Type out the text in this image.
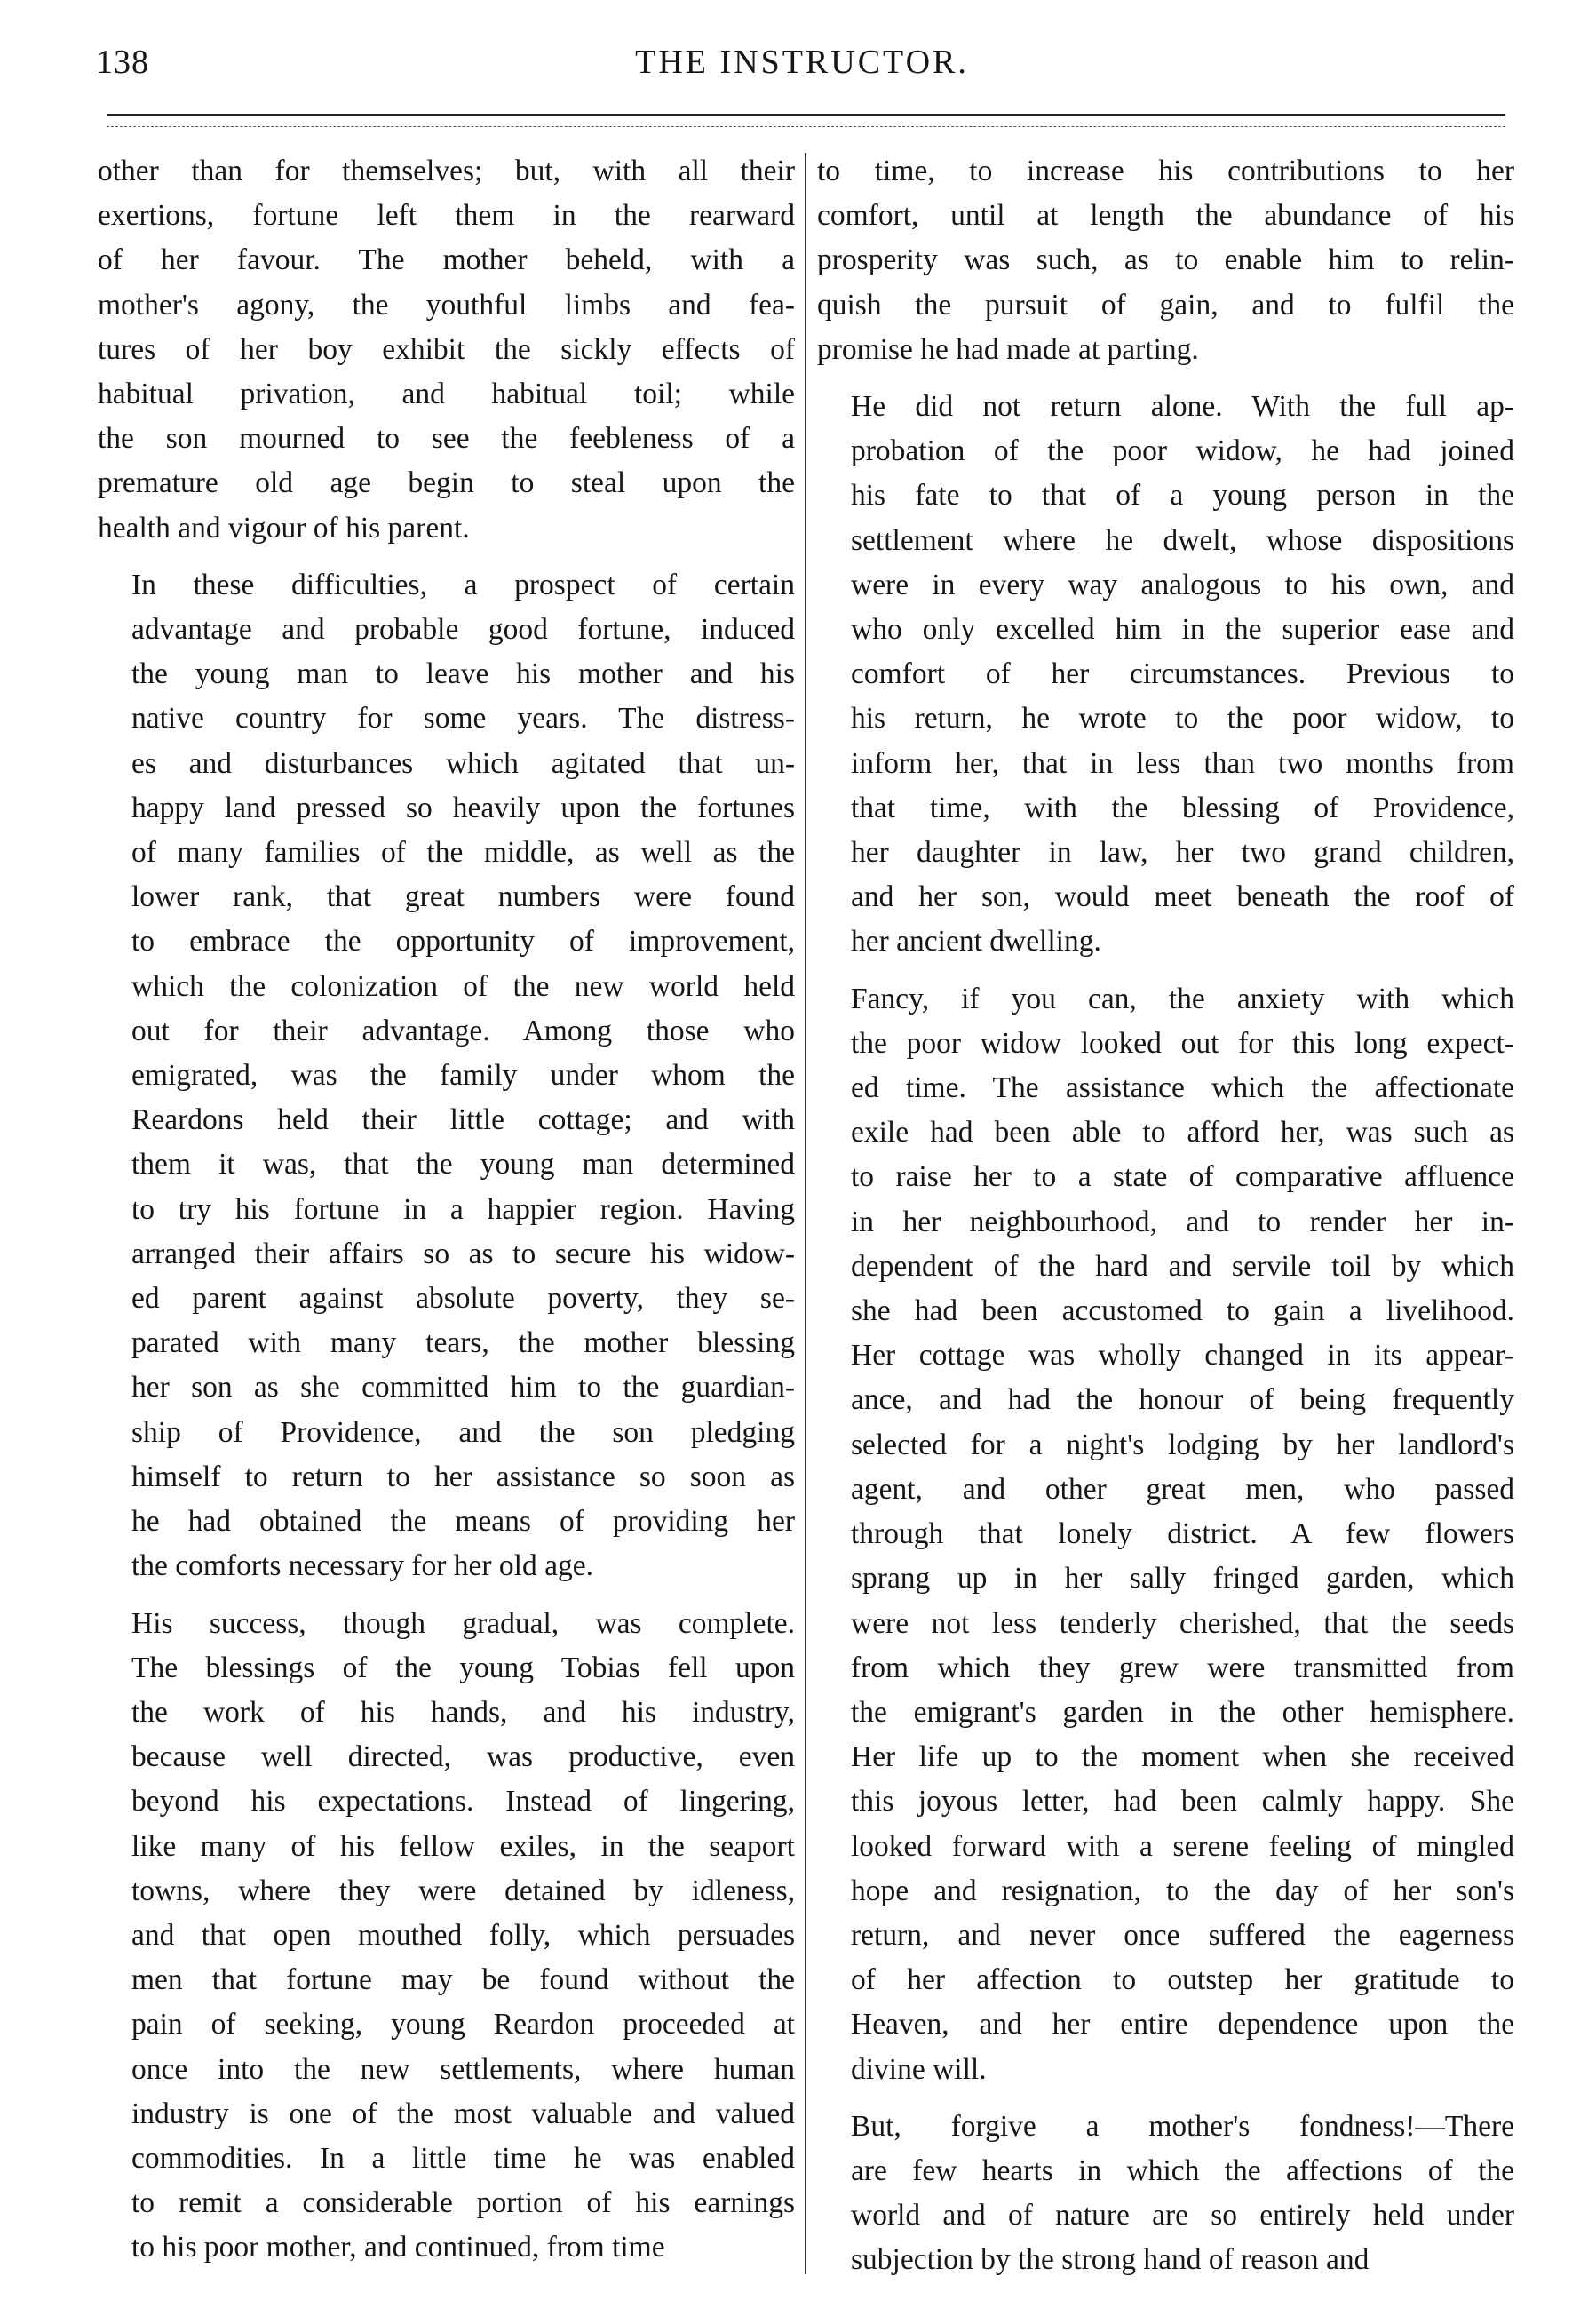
138	THE INSTRUCTOR.

other than for themselves; but, with all their
exertions, fortune left them in the rearward
of her favour. The mother beheld, with a
mother's agony, the youthful limbs and fea-
tures of her boy exhibit the sickly effects of
habitual privation, and habitual toil; while
the son mourned to see the feebleness of a
premature old age begin to steal upon the
health and vigour of his parent.

In these difficulties, a prospect of certain
advantage and probable good fortune, induced
the young man to leave his mother and his
native country for some years. The distress-
es and disturbances which agitated that un-
happy land pressed so heavily upon the fortunes
of many families of the middle, as well as the
lower rank, that great numbers were found
to embrace the opportunity of improvement,
which the colonization of the new world held
out for their advantage. Among those who
emigrated, was the family under whom the
Reardons held their little cottage; and with
them it was, that the young man determined
to try his fortune in a happier region. Having
arranged their affairs so as to secure his widow-
ed parent against absolute poverty, they se-
parated with many tears, the mother blessing
her son as she committed him to the guardian-
ship of Providence, and the son pledging
himself to return to her assistance so soon as
he had obtained the means of providing her
the comforts necessary for her old age.

His success, though gradual, was complete.
The blessings of the young Tobias fell upon
the work of his hands, and his industry,
because well directed, was productive, even
beyond his expectations. Instead of lingering,
like many of his fellow exiles, in the seaport
towns, where they were detained by idleness,
and that open mouthed folly, which persuades
men that fortune may be found without the
pain of seeking, young Reardon proceeded at
once into the new settlements, where human
industry is one of the most valuable and valued
commodities. In a little time he was enabled
to remit a considerable portion of his earnings
to his poor mother, and continued, from time

to time, to increase his contributions to her
comfort, until at length the abundance of his
prosperity was such, as to enable him to relin-
quish the pursuit of gain, and to fulfil the
promise he had made at parting.

He did not return alone. With the full ap-
probation of the poor widow, he had joined
his fate to that of a young person in the
settlement where he dwelt, whose dispositions
were in every way analogous to his own, and
who only excelled him in the superior ease and
comfort of her circumstances. Previous to
his return, he wrote to the poor widow, to
inform her, that in less than two months from
that time, with the blessing of Providence,
her daughter in law, her two grand children,
and her son, would meet beneath the roof of
her ancient dwelling.

Fancy, if you can, the anxiety with which
the poor widow looked out for this long expect-
ed time. The assistance which the affectionate
exile had been able to afford her, was such as
to raise her to a state of comparative affluence
in her neighbourhood, and to render her in-
dependent of the hard and servile toil by which
she had been accustomed to gain a livelihood.
Her cottage was wholly changed in its appear-
ance, and had the honour of being frequently
selected for a night's lodging by her landlord's
agent, and other great men, who passed
through that lonely district. A few flowers
sprang up in her sally fringed garden, which
were not less tenderly cherished, that the seeds
from which they grew were transmitted from
the emigrant's garden in the other hemisphere.
Her life up to the moment when she received
this joyous letter, had been calmly happy. She
looked forward with a serene feeling of mingled
hope and resignation, to the day of her son's
return, and never once suffered the eagerness
of her affection to outstep her gratitude to
Heaven, and her entire dependence upon the
divine will.

But, forgive a mother's fondness!—There
are few hearts in which the affections of the
world and of nature are so entirely held under
subjection by the strong hand of reason and
